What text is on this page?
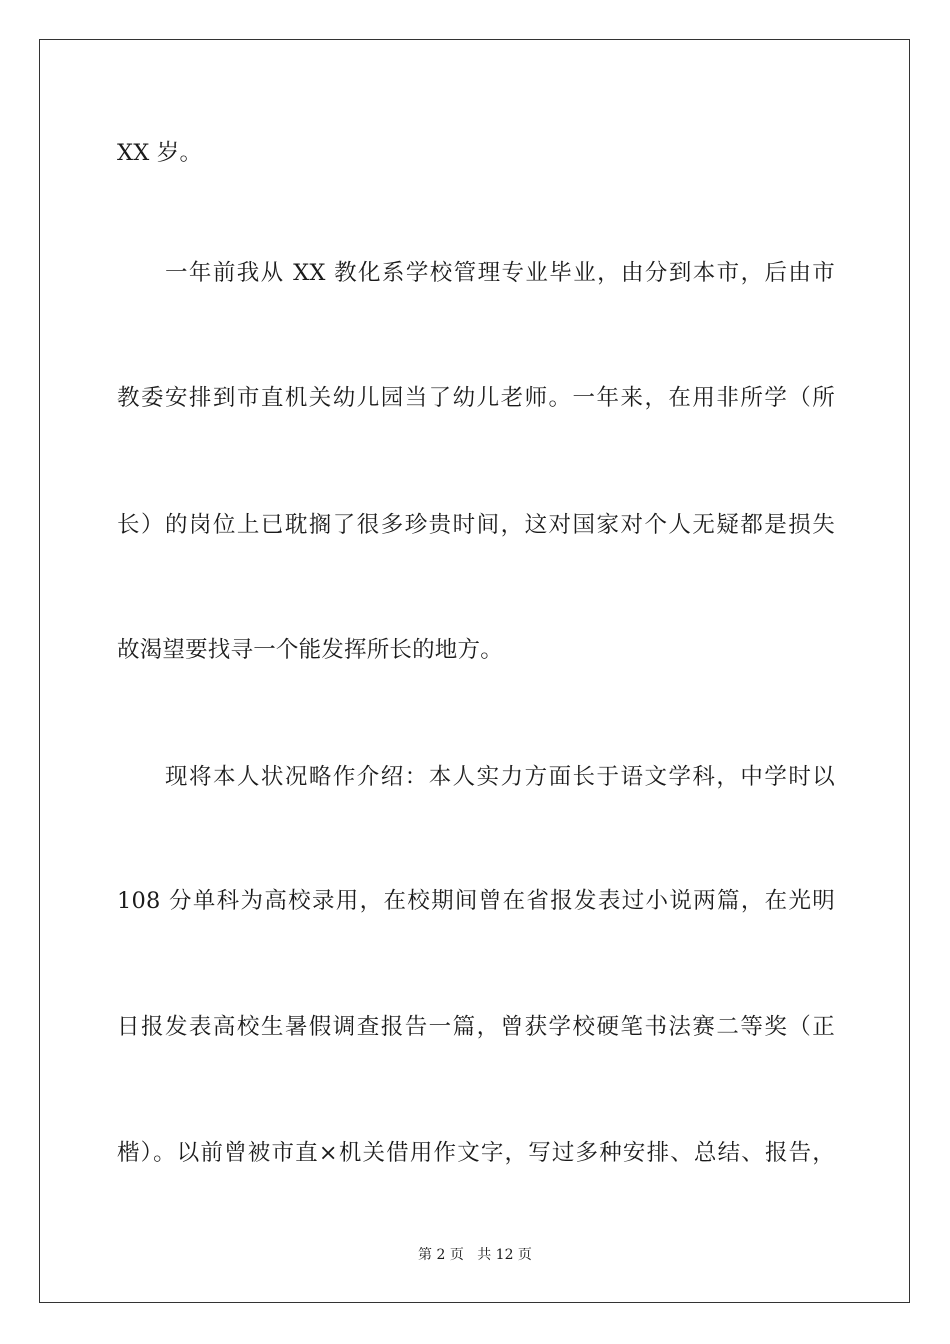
XX 岁。
一年前我从 XX 教化系学校管理专业毕业，由分到本市，后由市
教委安排到市直机关幼儿园当了幼儿老师。一年来，在用非所学（所
长）的岗位上已耽搁了很多珍贵时间，这对国家对个人无疑都是损失
故渴望要找寻一个能发挥所长的地方。
现将本人状况略作介绍：本人实力方面长于语文学科，中学时以
108 分单科为高校录用，在校期间曾在省报发表过小说两篇，在光明
日报发表高校生暑假调查报告一篇，曾获学校硬笔书法赛二等奖（正
楷）。以前曾被市直×机关借用作文字，写过多种安排、总结、报告，
第 2 页 共 12 页
